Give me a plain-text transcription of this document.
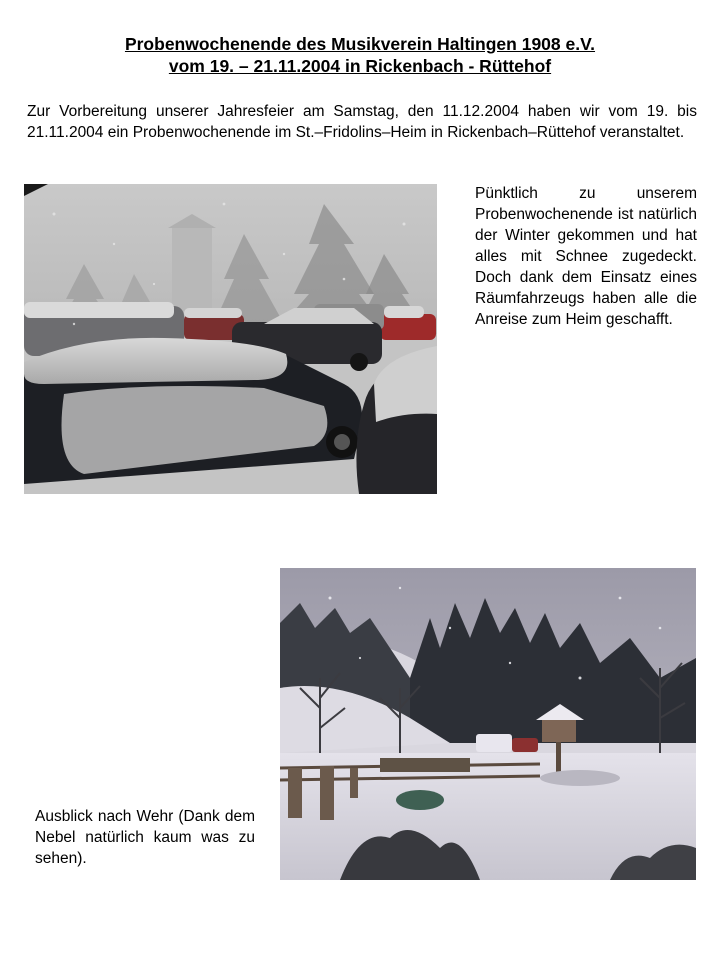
Probenwochenende des Musikverein Haltingen 1908 e.V.
vom 19. – 21.11.2004 in Rickenbach - Rüttehof
Zur Vorbereitung unserer Jahresfeier am Samstag, den 11.12.2004 haben wir vom 19. bis 21.11.2004 ein Probenwochenende im St.–Fridolins–Heim in Rickenbach–Rüttehof veranstaltet.
Pünktlich zu unserem Probenwochenende ist natürlich der Winter gekommen und hat alles mit Schnee zugedeckt. Doch dank dem Einsatz eines Räumfahrzeugs haben alle die Anreise zum Heim geschafft.
Ausblick nach Wehr (Dank dem Nebel natürlich kaum was zu sehen).
